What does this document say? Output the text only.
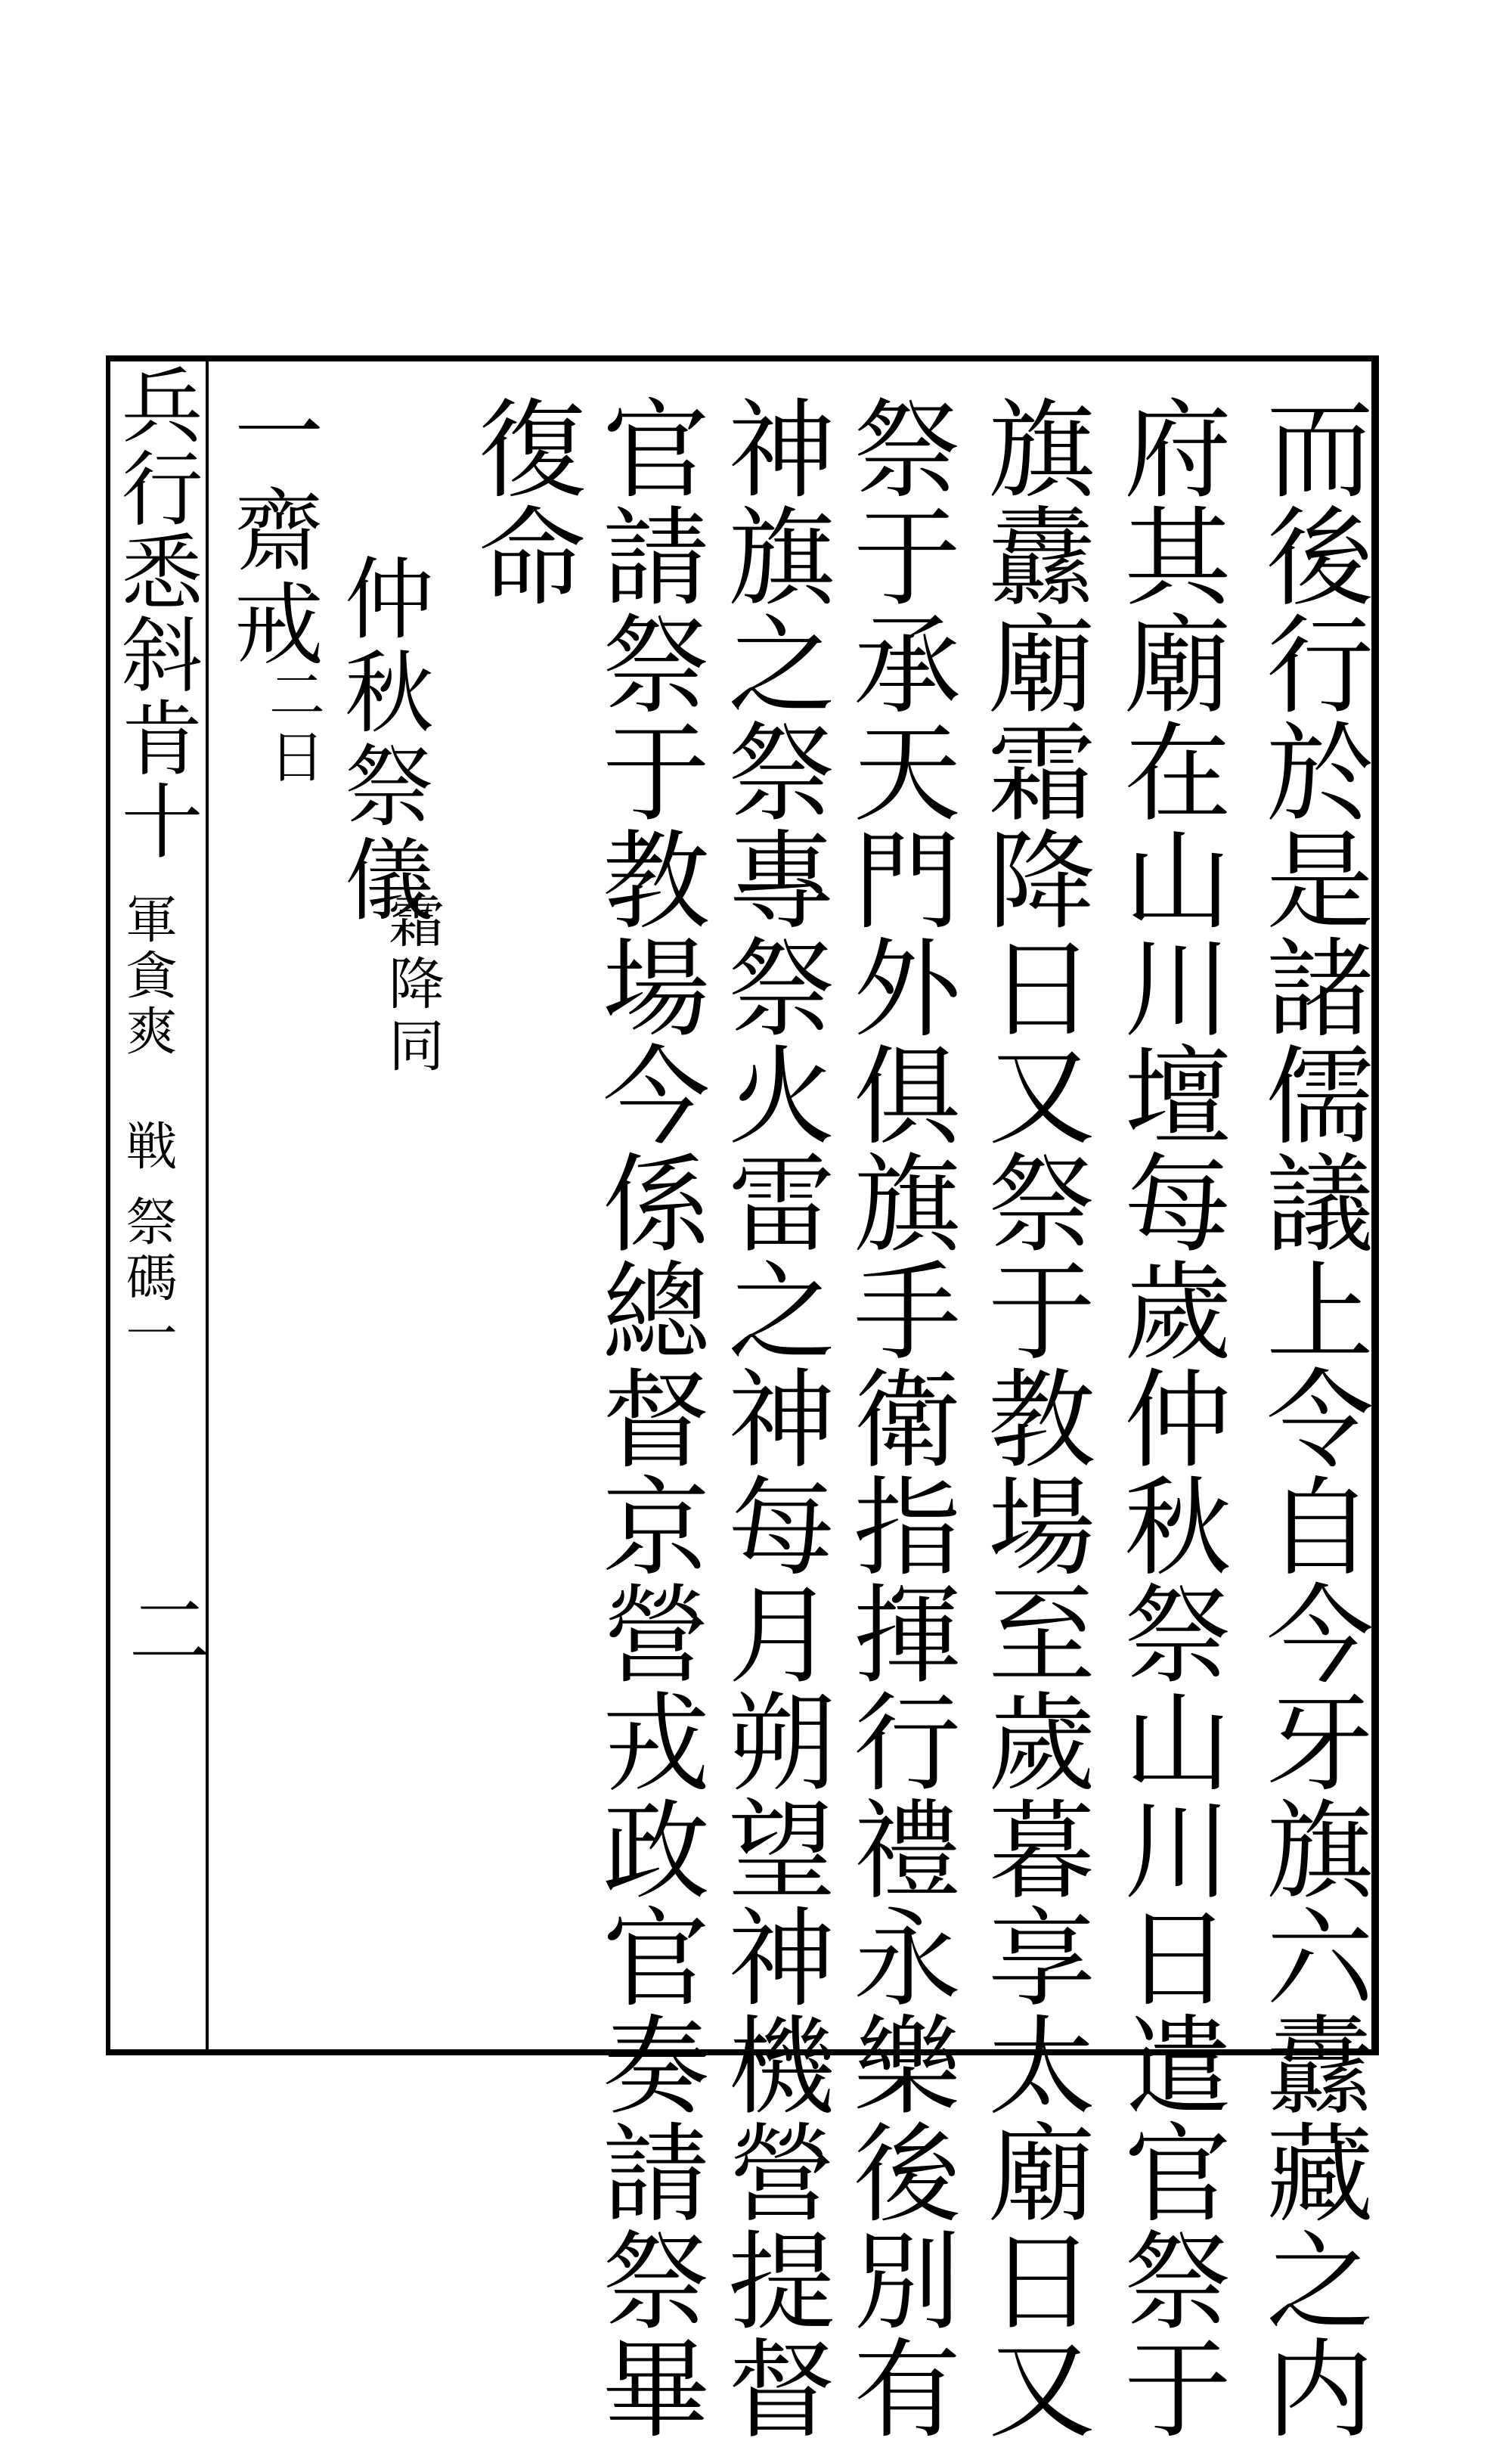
而後行於是諸儒議上令自今牙旗六纛藏之内
府其廟在山川壇每歲仲秋祭山川日遣官祭于
旗纛廟霜降日又祭于教場至歲暮享太廟日又
祭于承天門外俱旗手衛指揮行禮永樂後別有
神旗之祭專祭火雷之神每月朔望神機營提督
官請祭于教場今係總督京營戎政官奏請祭畢
復命
仲秋祭儀
霜降同
一
齋戒
二日
兵行悉斜肯十
軍貪爽
戦
祭碼一
二
